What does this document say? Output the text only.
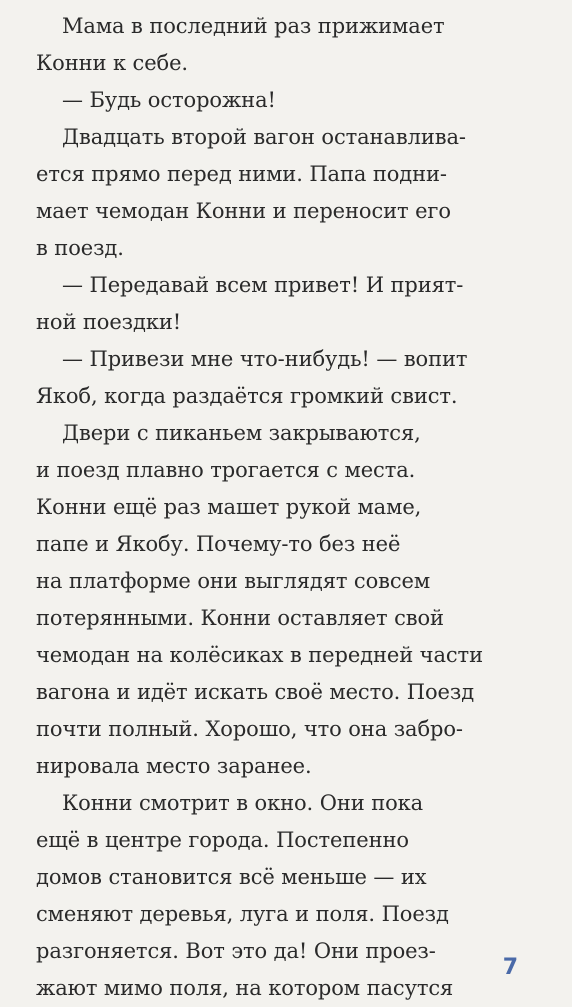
Мама в последний раз прижимает
Конни к себе.
— Будь осторожна!
Двадцать второй вагон останавлива-
ется прямо перед ними. Папа подни-
мает чемодан Конни и переносит его
в поезд.
— Передавай всем привет! И прият-
ной поездки!
— Привези мне что-нибудь! — вопит
Якоб, когда раздаётся громкий свист.
Двери с пиканьем закрываются,
и поезд плавно трогается с места.
Конни ещё раз машет рукой маме,
папе и Якобу. Почему-то без неё
на платформе они выглядят совсем
потерянными. Конни оставляет свой
чемодан на колёсиках в передней части
вагона и идёт искать своё место. Поезд
почти полный. Хорошо, что она забро-
нировала место заранее.
Конни смотрит в окно. Они пока
ещё в центре города. Постепенно
домов становится всё меньше — их
сменяют деревья, луга и поля. Поезд
разгоняется. Вот это да! Они проез-
жают мимо поля, на котором пасутся
7
